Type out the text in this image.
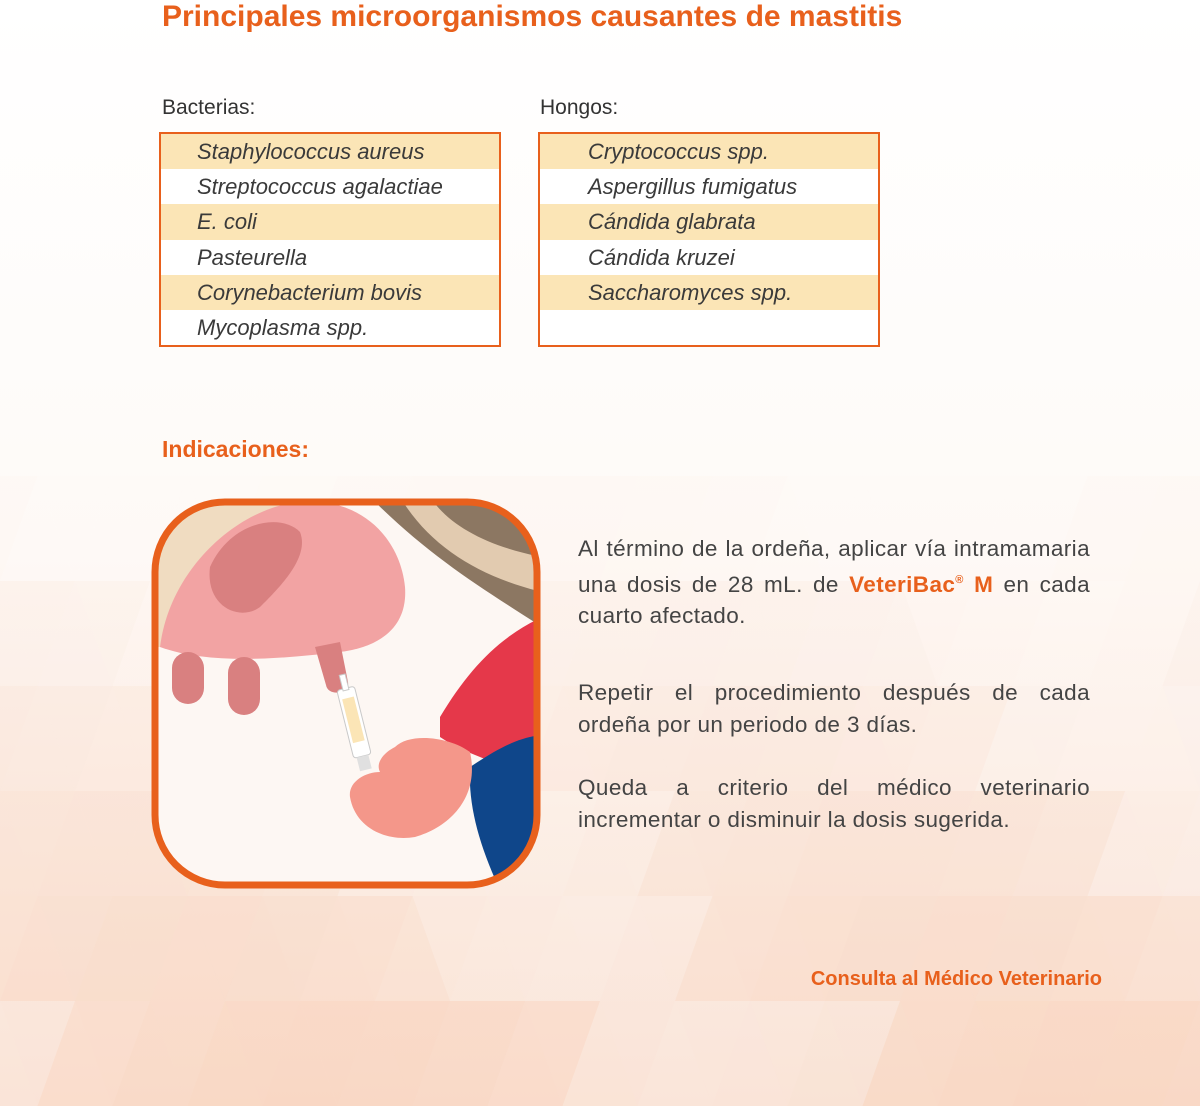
Principales microorganismos causantes de mastitis
Bacterias:	Hongos:
Staphylococcus aureus
Streptococcus agalactiae
E. coli
Pasteurella
Corynebacterium bovis
Mycoplasma spp.
Cryptococcus spp.
Aspergillus fumigatus
Cándida glabrata
Cándida kruzei
Saccharomyces spp.
Indicaciones:
Al término de la ordeña, aplicar vía intramamaria una dosis de 28 mL. de VeteriBac® M en cada cuarto afectado.
Repetir el procedimiento después de cada ordeña por un periodo de 3 días.
Queda a criterio del médico veterinario incrementar o disminuir la dosis sugerida.
Consulta al Médico Veterinario
